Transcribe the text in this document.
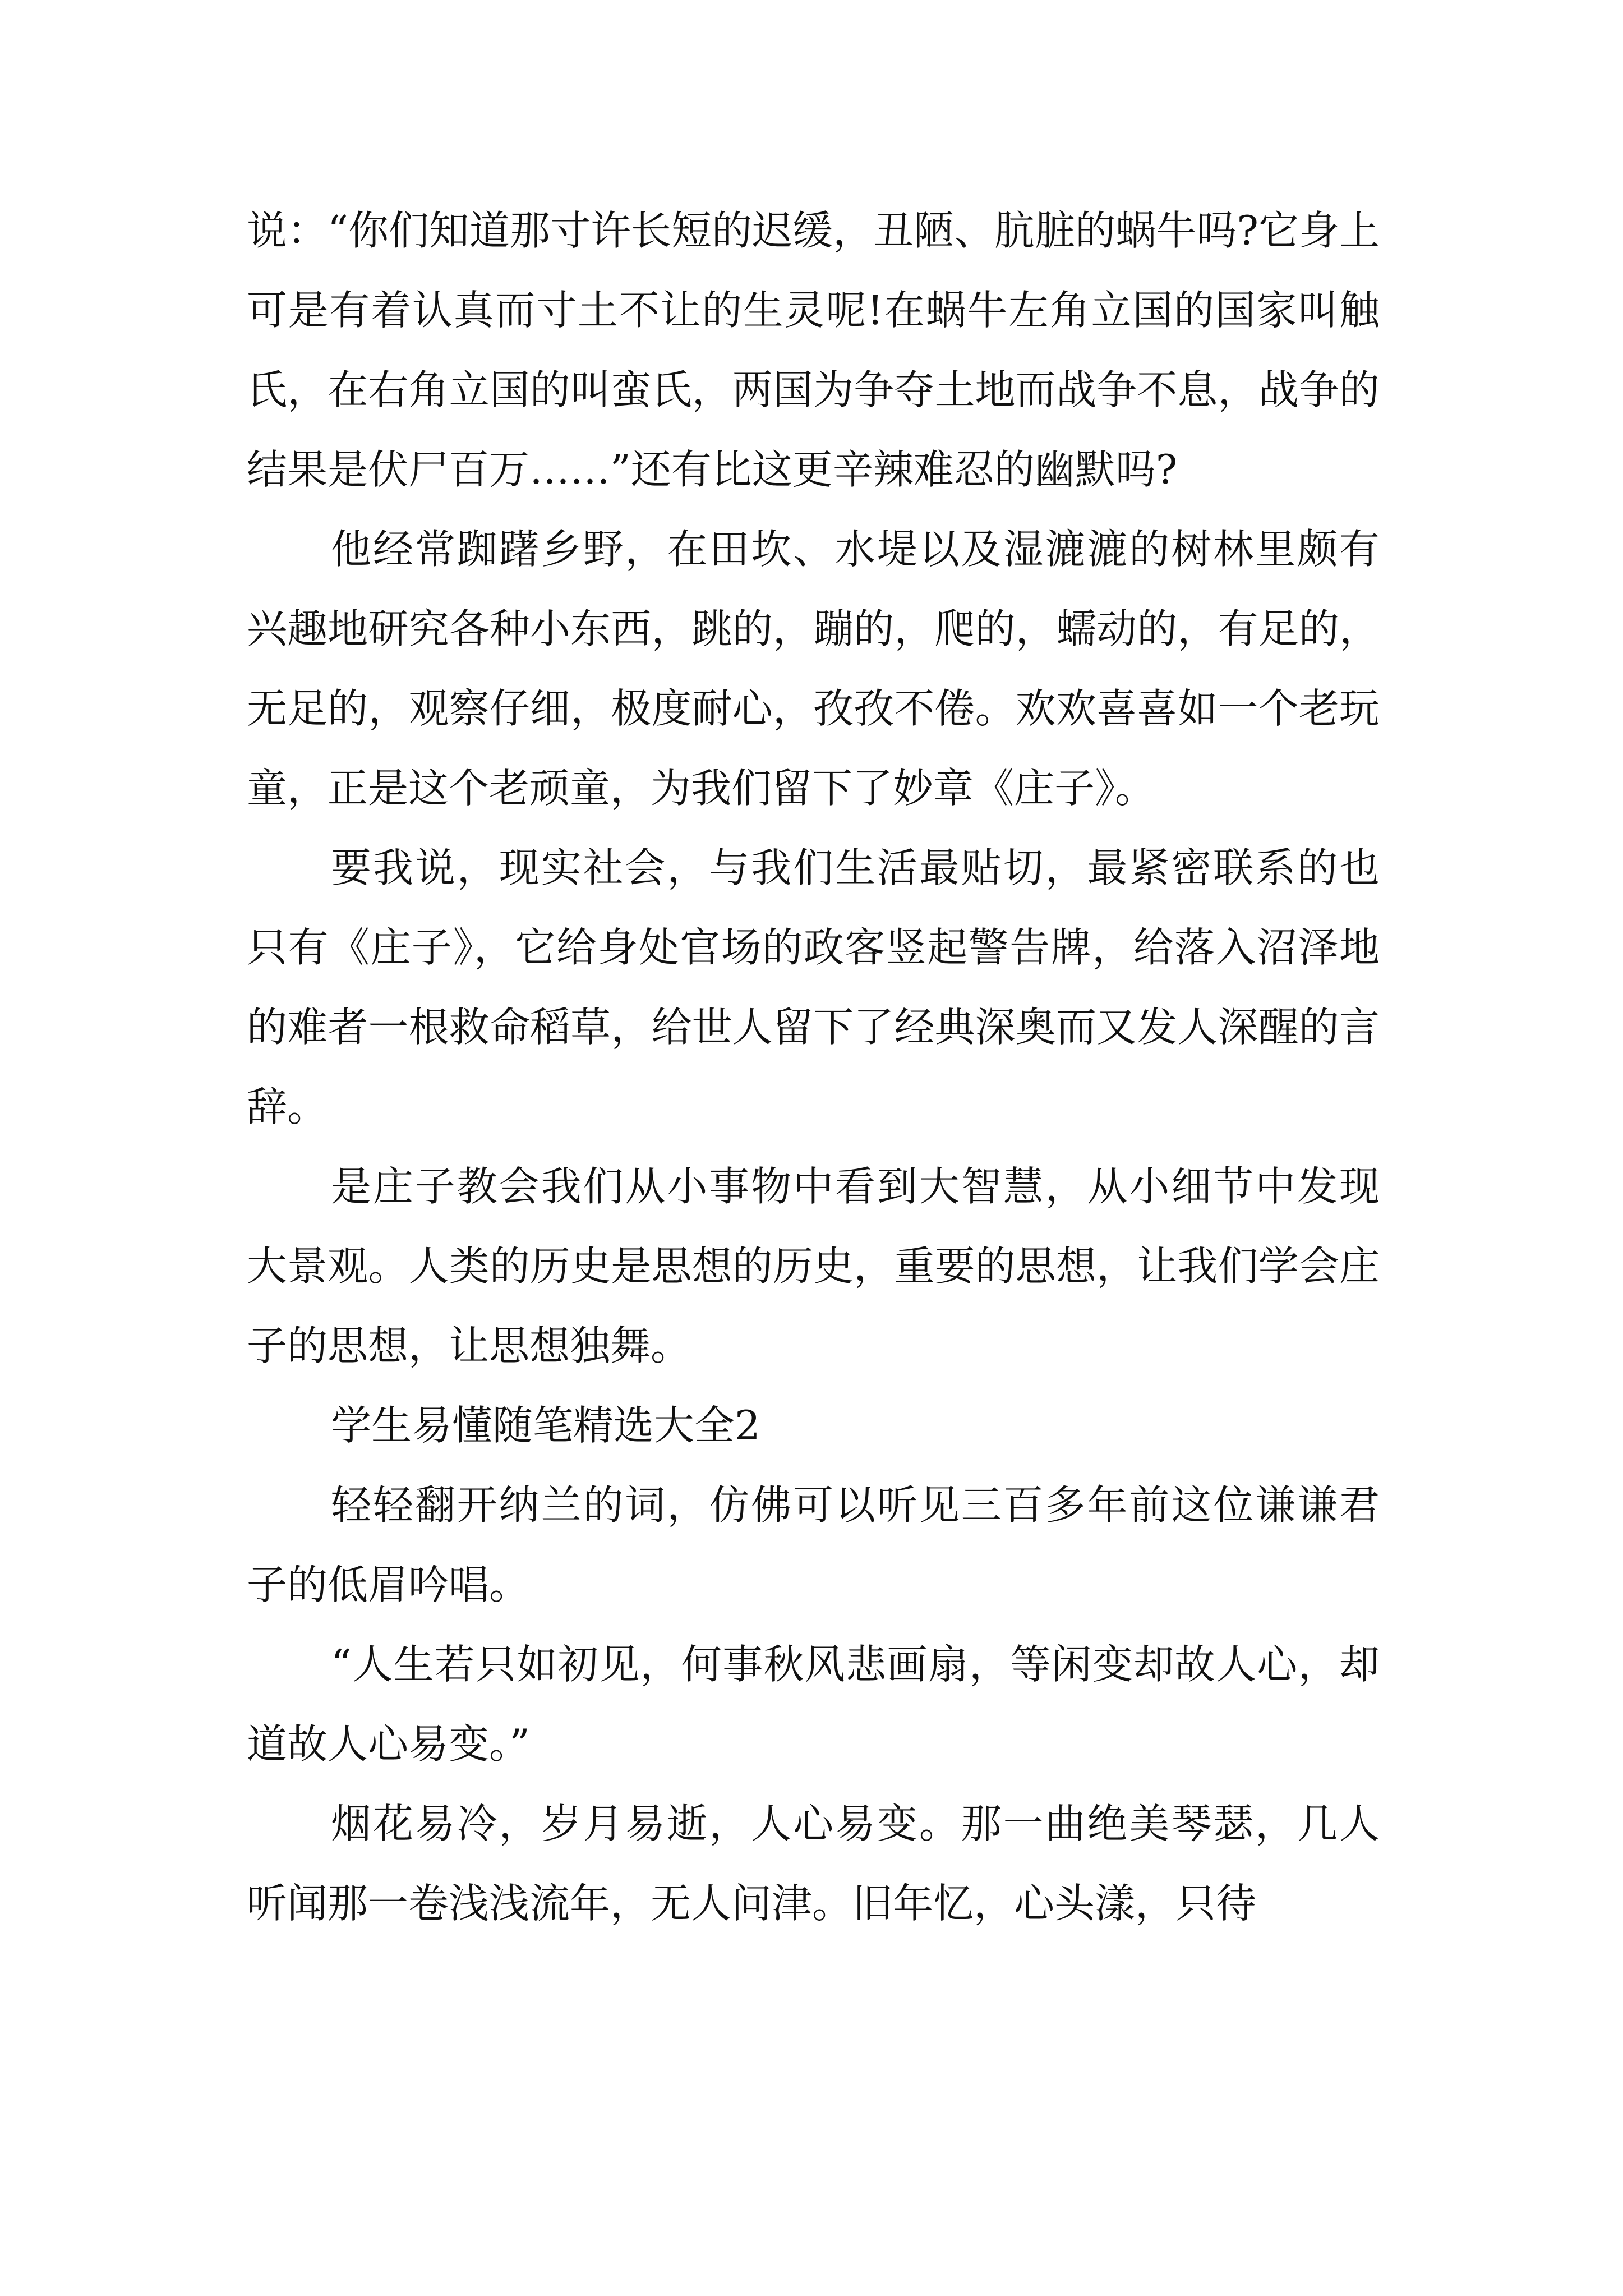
说：“你们知道那寸许长短的迟缓，丑陋、肮脏的蜗牛吗?它身上可是有着认真而寸土不让的生灵呢!在蜗牛左角立国的国家叫触氏，在右角立国的叫蛮氏，两国为争夺土地而战争不息，战争的结果是伏尸百万……”还有比这更辛辣难忍的幽默吗?

他经常踟躇乡野，在田坎、水堤以及湿漉漉的树林里颇有兴趣地研究各种小东西，跳的，蹦的，爬的，蠕动的，有足的，无足的，观察仔细，极度耐心，孜孜不倦。欢欢喜喜如一个老玩童，正是这个老顽童，为我们留下了妙章《庄子》。

要我说，现实社会，与我们生活最贴切，最紧密联系的也只有《庄子》，它给身处官场的政客竖起警告牌，给落入沼泽地的难者一根救命稻草，给世人留下了经典深奥而又发人深醒的言辞。

是庄子教会我们从小事物中看到大智慧，从小细节中发现大景观。人类的历史是思想的历史，重要的思想，让我们学会庄子的思想，让思想独舞。

学生易懂随笔精选大全2

轻轻翻开纳兰的词，仿佛可以听见三百多年前这位谦谦君子的低眉吟唱。

“人生若只如初见，何事秋风悲画扇，等闲变却故人心，却道故人心易变。”

烟花易冷，岁月易逝，人心易变。那一曲绝美琴瑟，几人听闻那一卷浅浅流年，无人问津。旧年忆，心头漾，只待
